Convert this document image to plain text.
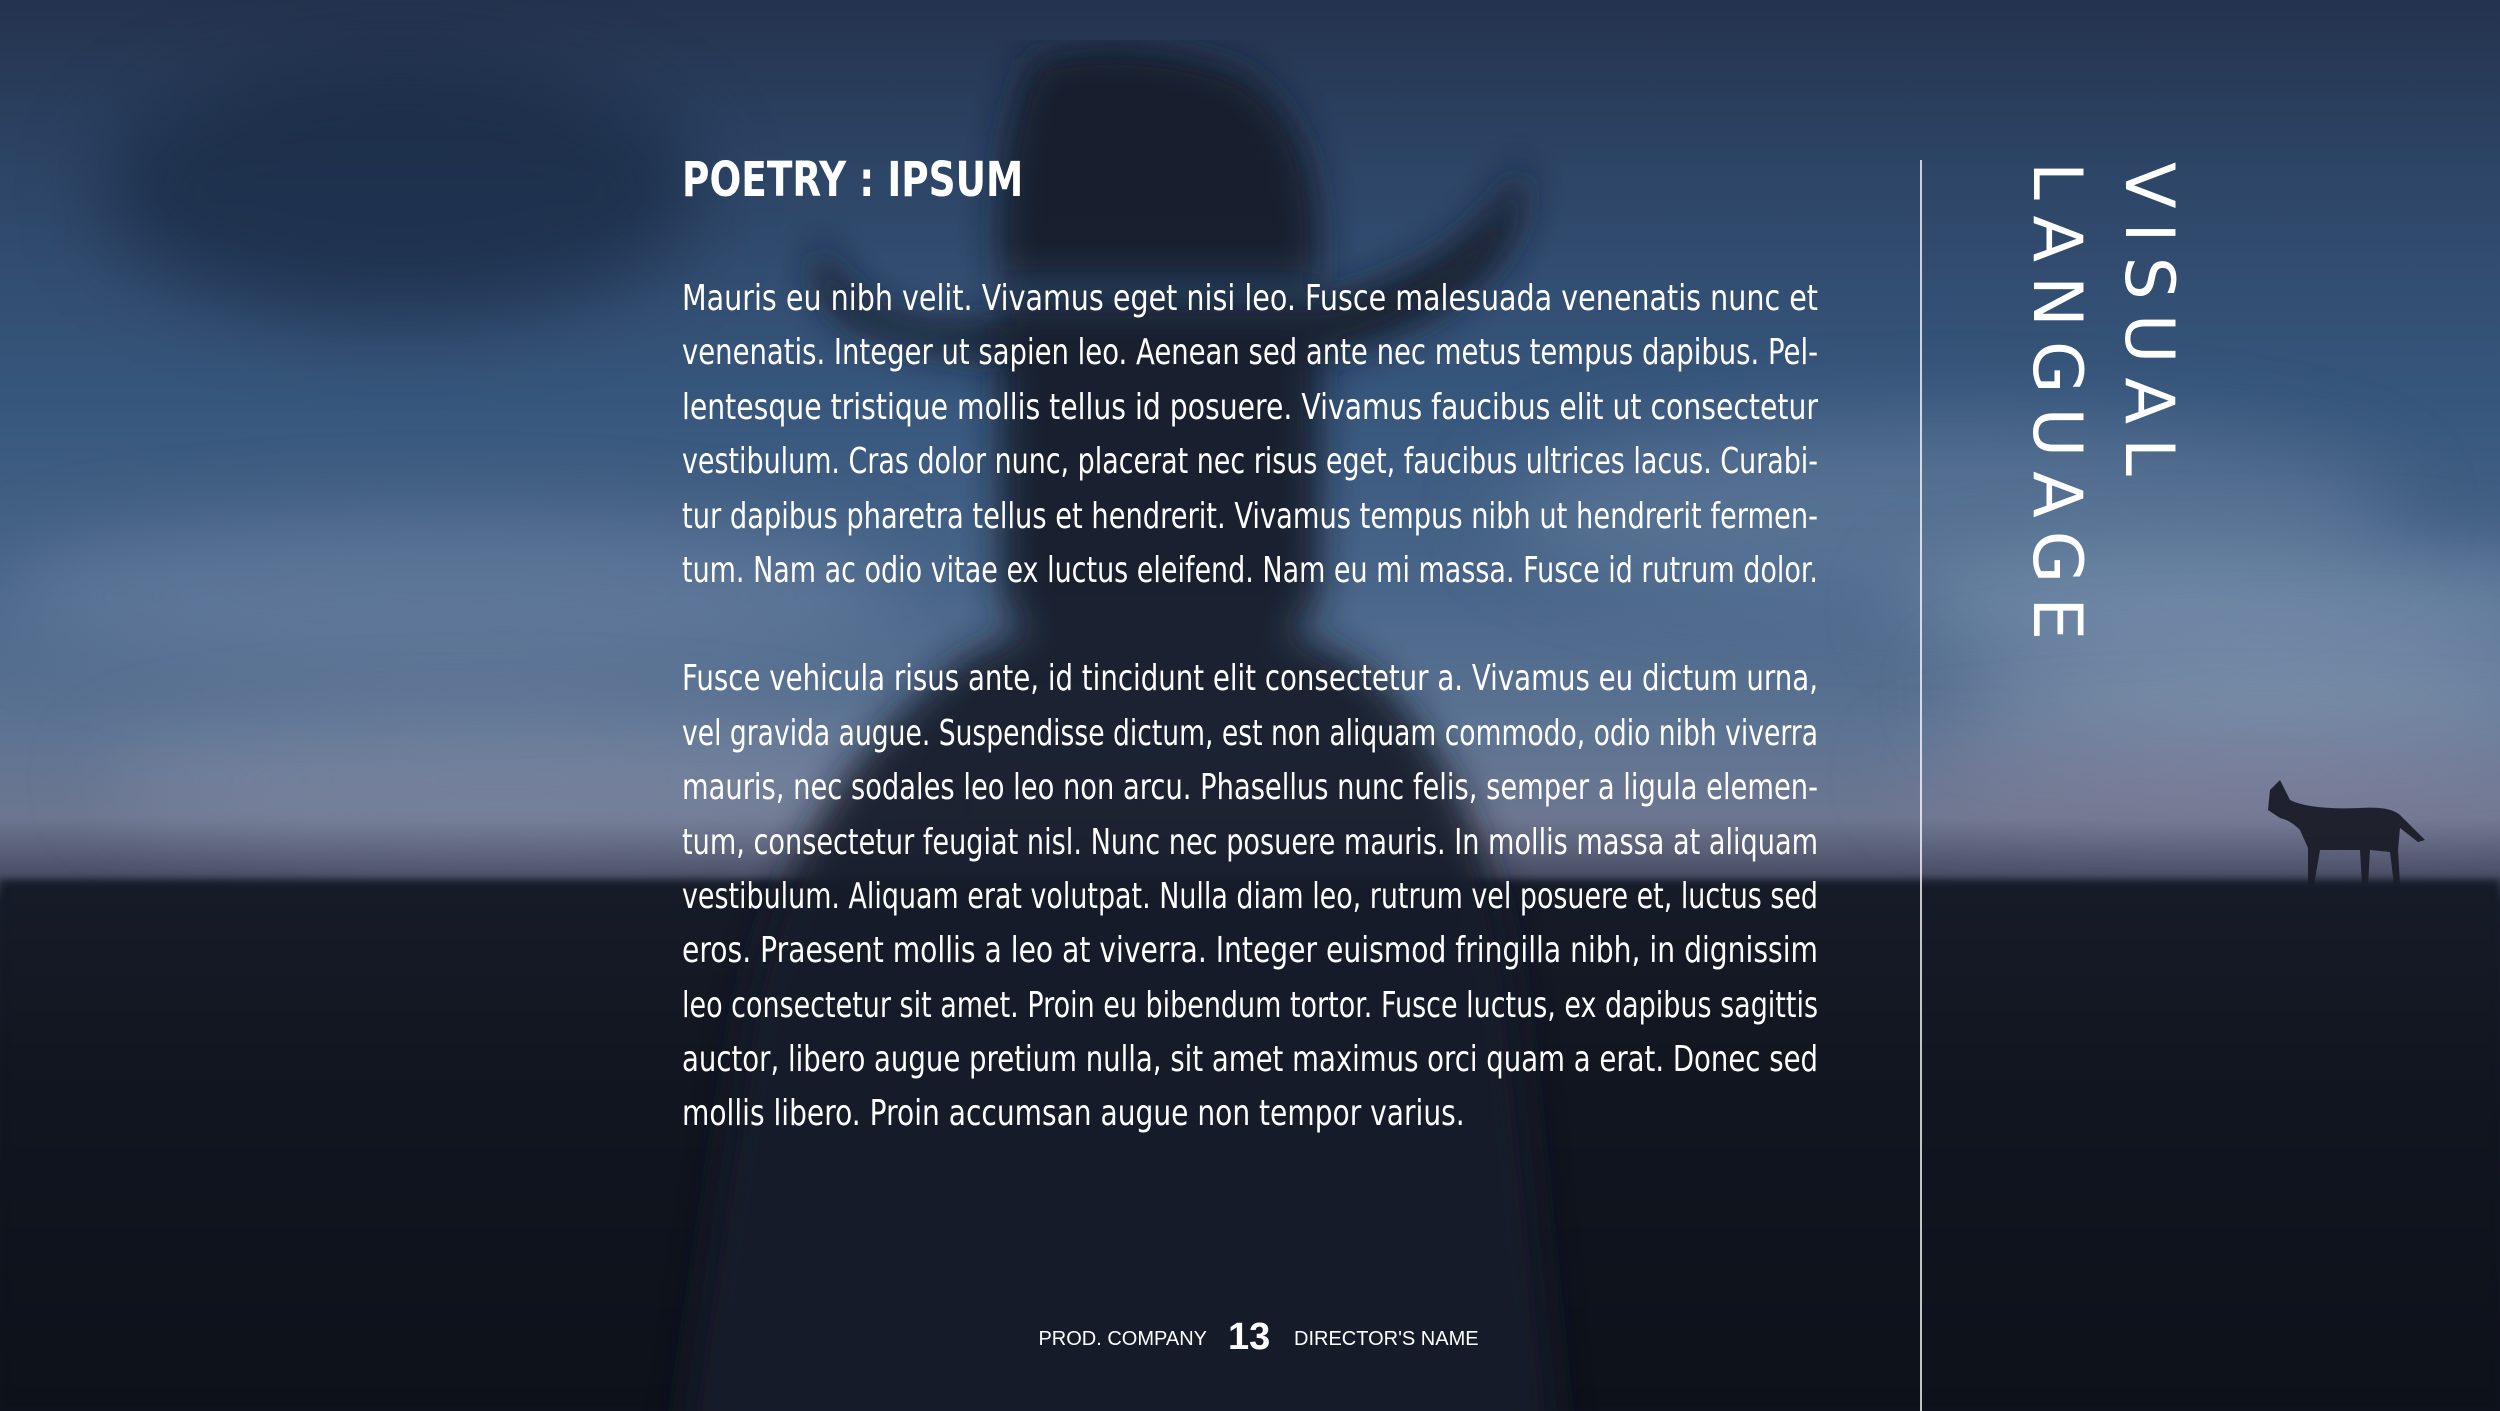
POETRY : IPSUM
Mauris eu nibh velit. Vivamus eget nisi leo. Fusce malesuada venenatis nunc et
venenatis. Integer ut sapien leo. Aenean sed ante nec metus tempus dapibus. Pel-
lentesque tristique mollis tellus id posuere. Vivamus faucibus elit ut consectetur
vestibulum. Cras dolor nunc, placerat nec risus eget, faucibus ultrices lacus. Curabi-
tur dapibus pharetra tellus et hendrerit. Vivamus tempus nibh ut hendrerit fermen-
tum. Nam ac odio vitae ex luctus eleifend. Nam eu mi massa. Fusce id rutrum dolor.
Fusce vehicula risus ante, id tincidunt elit consectetur a. Vivamus eu dictum urna,
vel gravida augue. Suspendisse dictum, est non aliquam commodo, odio nibh viverra
mauris, nec sodales leo leo non arcu. Phasellus nunc felis, semper a ligula elemen-
tum, consectetur feugiat nisl. Nunc nec posuere mauris. In mollis massa at aliquam
vestibulum. Aliquam erat volutpat. Nulla diam leo, rutrum vel posuere et, luctus sed
eros. Praesent mollis a leo at viverra. Integer euismod fringilla nibh, in dignissim
leo consectetur sit amet. Proin eu bibendum tortor. Fusce luctus, ex dapibus sagittis
auctor, libero augue pretium nulla, sit amet maximus orci quam a erat. Donec sed
mollis libero. Proin accumsan augue non tempor varius.
VISUAL
LANGUAGE
PROD. COMPANY 13 DIRECTOR'S NAME
